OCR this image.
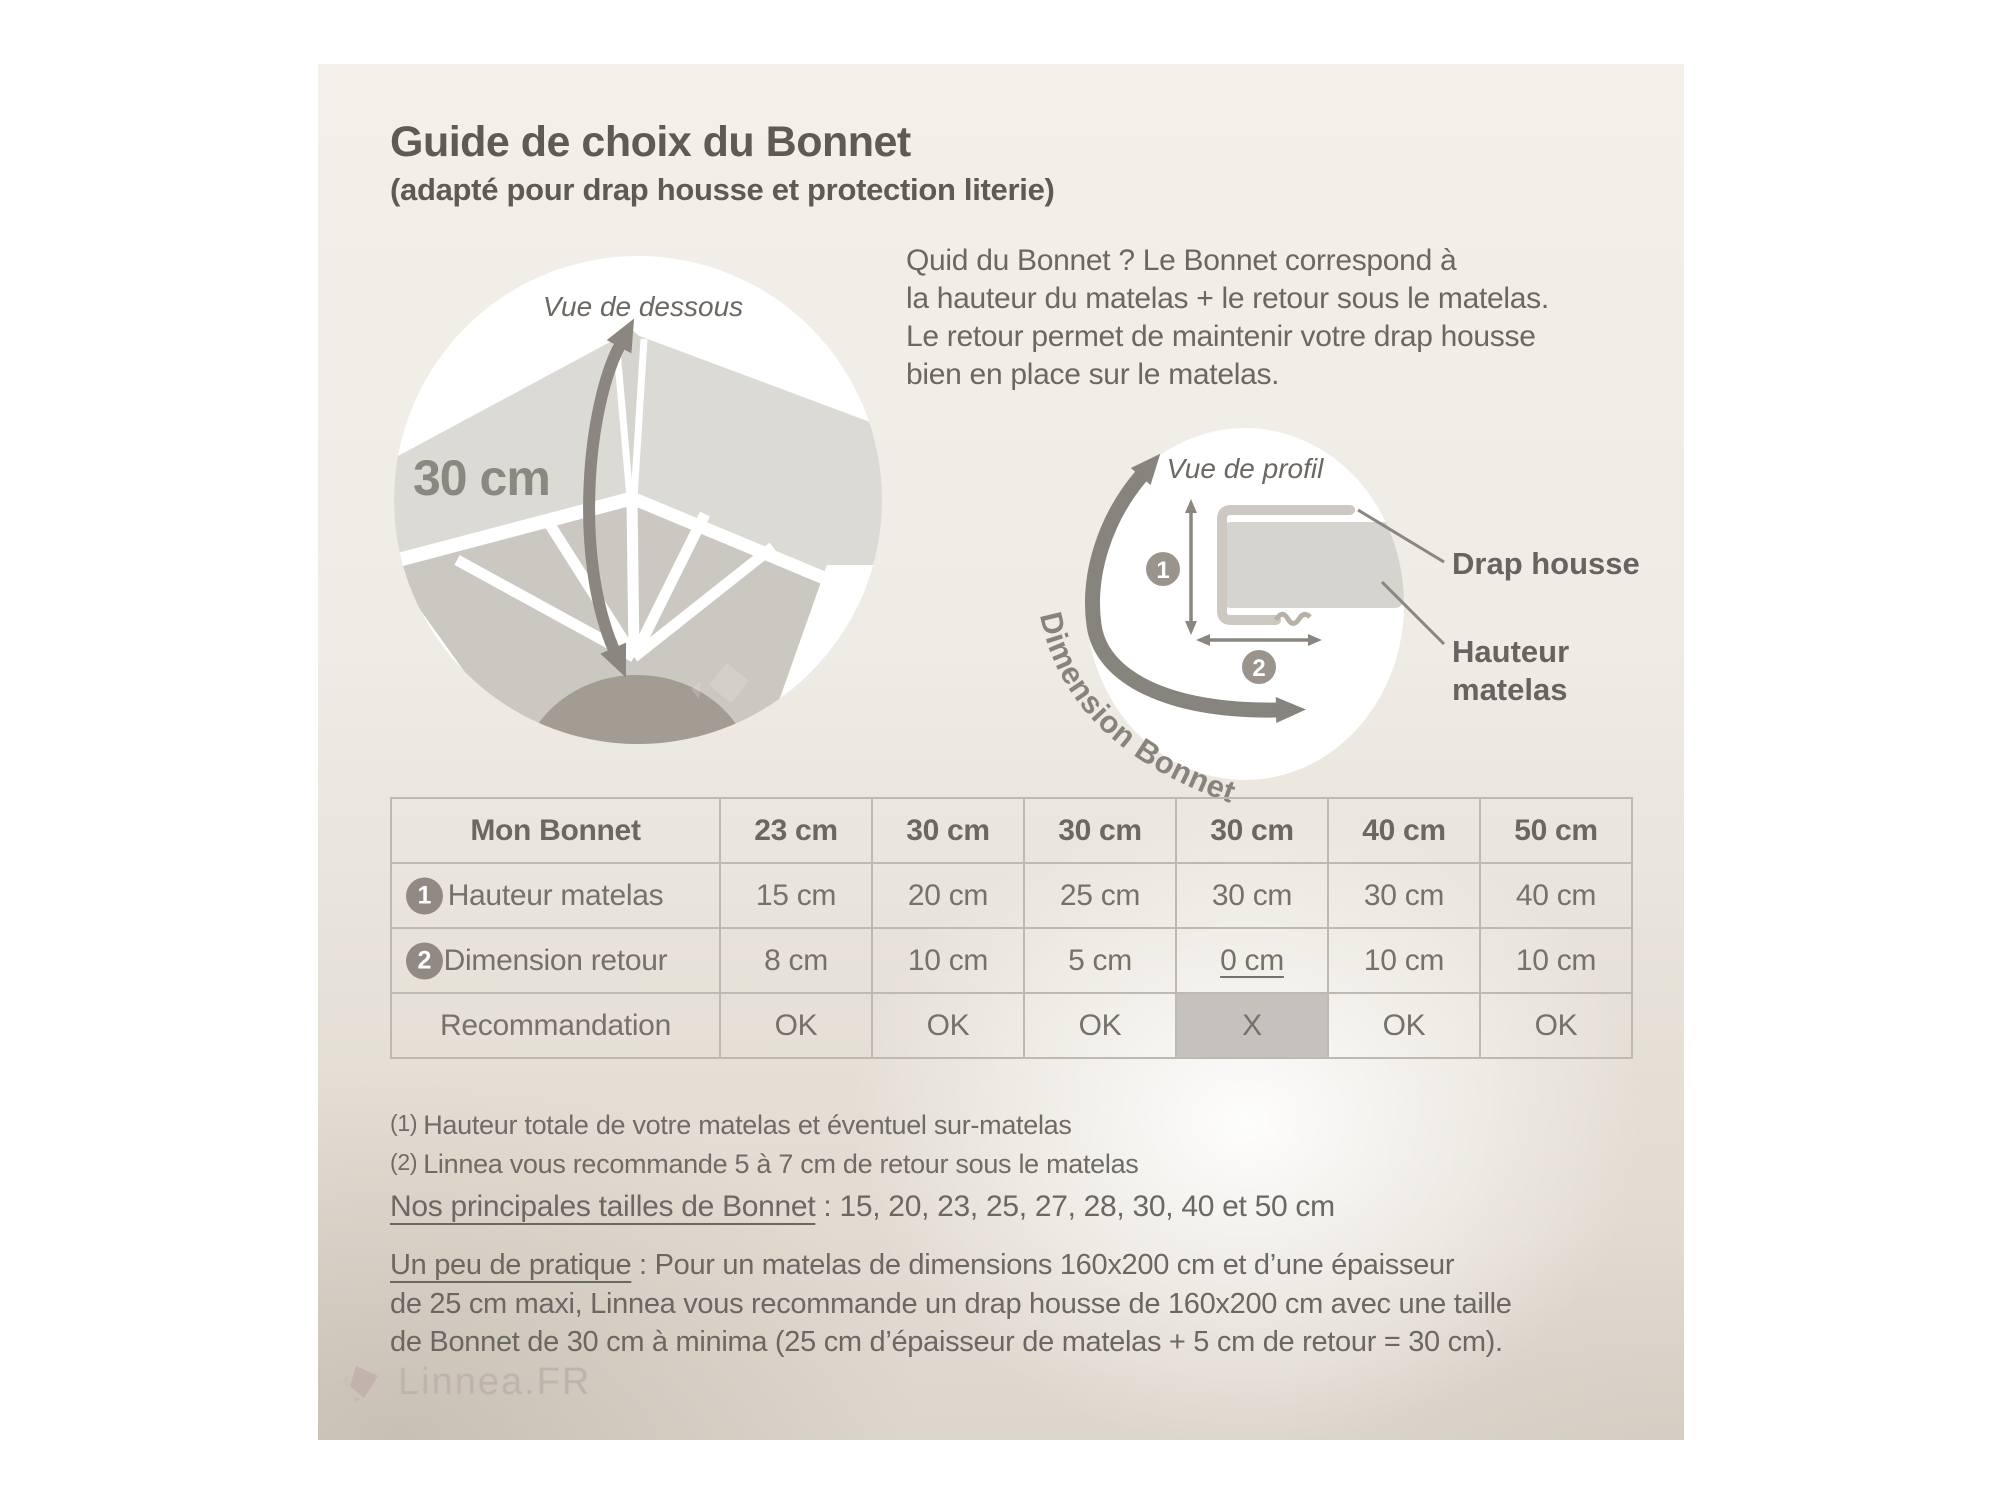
Guide de choix du Bonnet
(adapté pour drap housse et protection literie)
Quid du Bonnet ? Le Bonnet correspond à
la hauteur du matelas + le retour sous le matelas.
Le retour permet de maintenir votre drap housse
bien en place sur le matelas.
Vue de dessous
30 cm
1
2
Dimension Bonnet
Drap housse
Hauteur
matelas
Vue de profil
Mon Bonnet	23 cm	30 cm	30 cm	30 cm	40 cm	50 cm

1 Hauteur matelas	15 cm	20 cm	25 cm	30 cm	30 cm	40 cm

2 Dimension retour	8 cm	10 cm	5 cm	0 cm	10 cm	10 cm
Recommandation	OK	OK	OK	X	OK	OK
(1) Hauteur totale de votre matelas et éventuel sur-matelas
(2) Linnea vous recommande 5 à 7 cm de retour sous le matelas
Nos principales tailles de Bonnet : 15, 20, 23, 25, 27, 28, 30, 40 et 50 cm
Un peu de pratique : Pour un matelas de dimensions 160x200 cm et d’une épaisseur
de 25 cm maxi, Linnea vous recommande un drap housse de 160x200 cm avec une taille
de Bonnet de 30 cm à minima (25 cm d’épaisseur de matelas + 5 cm de retour = 30 cm).
Linnea.FR
